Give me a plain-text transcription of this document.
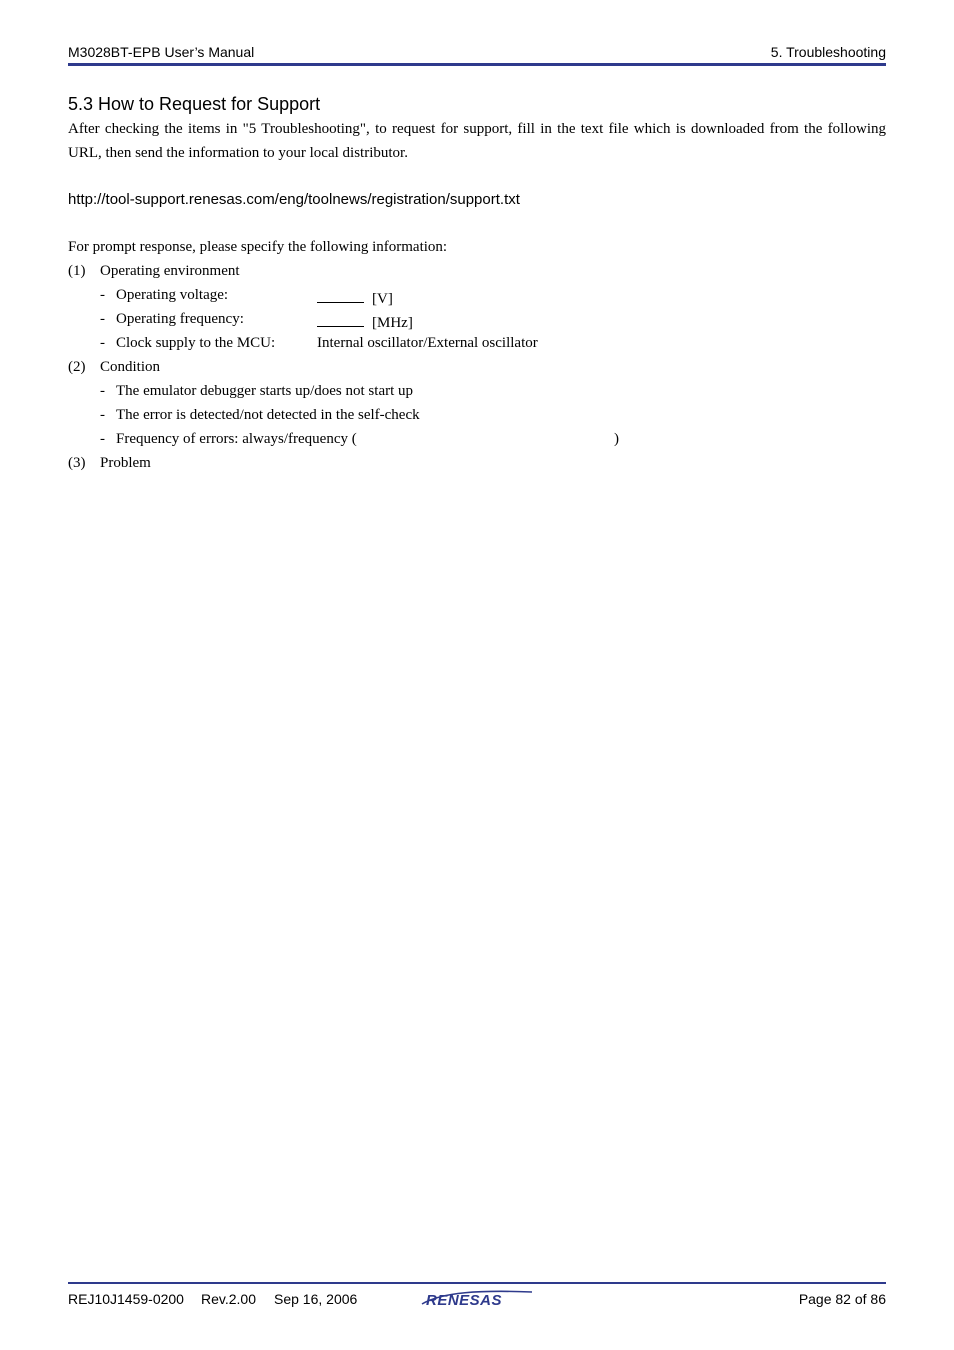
M3028BT-EPB User’s Manual	5. Troubleshooting
5.3 How to Request for Support
After checking the items in "5 Troubleshooting", to request for support, fill in the text file which is downloaded from the following URL, then send the information to your local distributor.
http://tool-support.renesas.com/eng/toolnews/registration/support.txt
For prompt response, please specify the following information:
(1) Operating environment
- Operating voltage:	[V]
- Operating frequency:	[MHz]
- Clock supply to the MCU:	Internal oscillator/External oscillator
(2) Condition
- The emulator debugger starts up/does not start up
- The error is detected/not detected in the self-check
- Frequency of errors: always/frequency (	)
(3) Problem
REJ10J1459-0200 Rev.2.00 Sep 16, 2006	Page 82 of 86
RENESAS
